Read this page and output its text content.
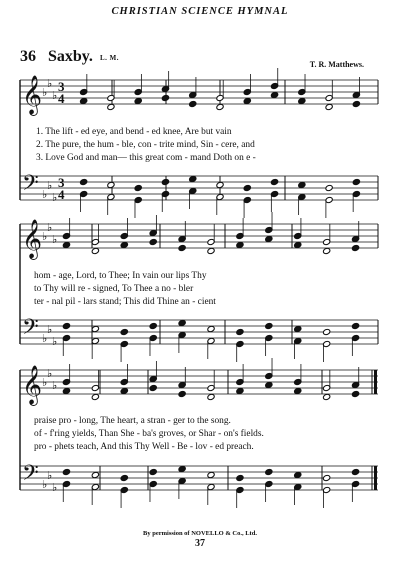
CHRISTIAN SCIENCE HYMNAL
36 Saxby. L. M.
T. R. Matthews.
𝄞
𝄢
♭
♭
♭
♭
♭
♭
3
4
3
4
𝄞
𝄢
♭
♭
♭
♭
♭
♭
𝄞
𝄢
♭
♭
♭
♭
♭
♭
1. The lift - ed eye, and bend - ed knee, Are but vain
2. The pure, the hum - ble, con - trite mind, Sin - cere, and
3. Love God and man— this great com - mand Doth on e -
hom - age, Lord, to Thee; In vain our lips Thy
to Thy will re - signed, To Thee a no - bler
ter - nal pil - lars stand; This did Thine an - cient
praise pro - long, The heart, a stran - ger to the song.
of - f'ring yields, Than She - ba's groves, or Shar - on's fields.
pro - phets teach, And this Thy Well - Be - lov - ed preach.
By permission of NOVELLO & Co., Ltd.
37
